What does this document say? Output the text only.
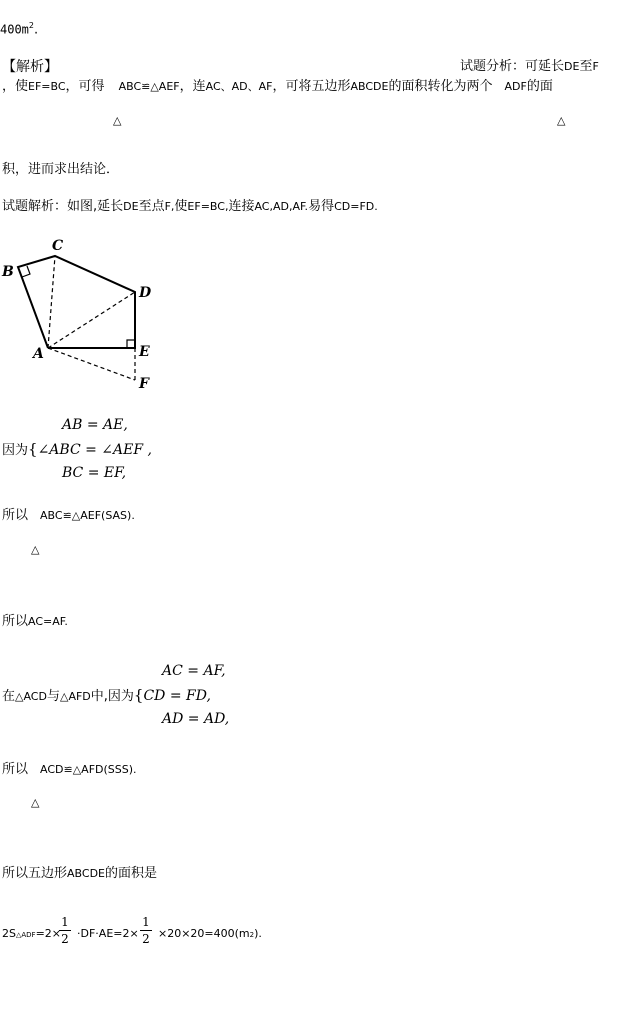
$400m^2$.
【解析】	试题分析：可延长DE至F
，使EF=BC，可得 ABC≌△AEF，连AC、AD、AF，可将五边形ABCDE的面积转化为两个 ADF的面
△	△
积，进而求出结论．
试题解析：如图,延长DE至点F,使EF=BC,连接AC,AD,AF.易得CD=FD.
B
C
D
A	E
F
AB = AE,
因为{∠ABC = ∠AEF ,
BC = EF,
所以 ABC≌△AEF(SAS).
△
所以AC=AF.
AC = AF,
在△ACD与△AFD中,因为{CD = FD,
AD = AD,
所以 ACD≌△AFD(SSS).
△
所以五边形ABCDE的面积是
2S△ADF=2×
1
2 ·DF·AE=2×
1
2 ×20×20=400(m2).
